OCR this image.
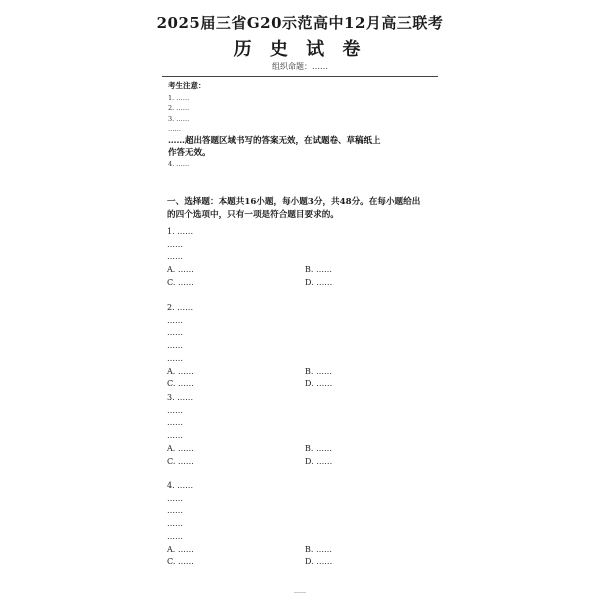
2025届三省G20示范高中12月高三联考
历 史 试 卷
组织命题：……
考生注意：
1. ……
2. ……
3. ……
……
……超出答题区域书写的答案无效，在试题卷、草稿纸上
作答无效。
4. ……
一、选择题：本题共16小题，每小题3分，共48分。在每小题给出
的四个选项中，只有一项是符合题目要求的。
1. ……
……
……
A. ……	B. ……
C. ……	D. ……
2. ……
……
……
……
……
A. ……	B. ……
C. ……	D. ……
3. ……
……
……
……
A. ……	B. ……
C. ……	D. ……
4. ……
……
……
……
……
A. ……	B. ……
C. ……	D. ……
……
